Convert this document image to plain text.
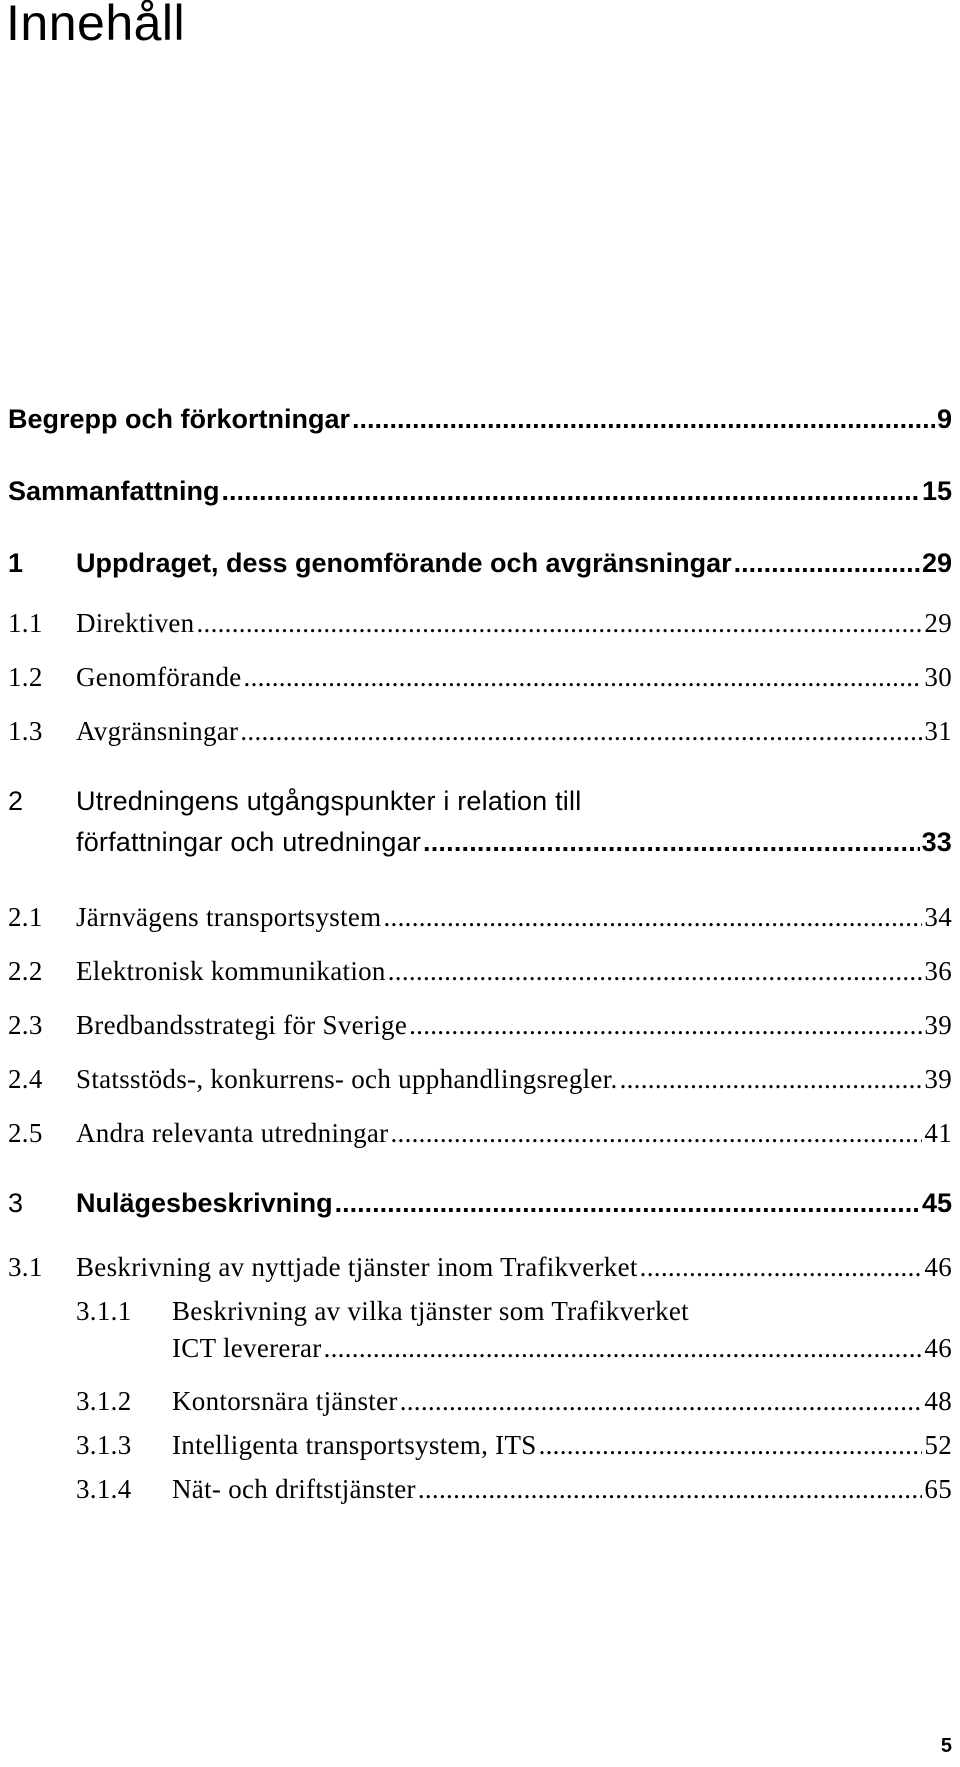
Innehåll
Begrepp och förkortningar .....	9
Sammanfattning .....	15
1	Uppdraget, dess genomförande och avgränsningar .....	29
1.1	Direktiven .....	29
1.2	Genomförande .....	30
1.3	Avgränsningar .....	31
2	Utredningens utgångspunkter i relation till
författningar och utredningar .....	33
2.1	Järnvägens transportsystem .....	34
2.2	Elektronisk kommunikation .....	36
2.3	Bredbandsstrategi för Sverige .....	39
2.4	Statsstöds-, konkurrens- och upphandlingsregler. .....	39
2.5	Andra relevanta utredningar .....	41
3	Nulägesbeskrivning .....	45
3.1	Beskrivning av nyttjade tjänster inom Trafikverket .....	46
3.1.1	Beskrivning av vilka tjänster som Trafikverket
ICT levererar .....	46
3.1.2	Kontorsnära tjänster .....	48
3.1.3	Intelligenta transportsystem, ITS .....	52
3.1.4	Nät- och driftstjänster .....	65
5
